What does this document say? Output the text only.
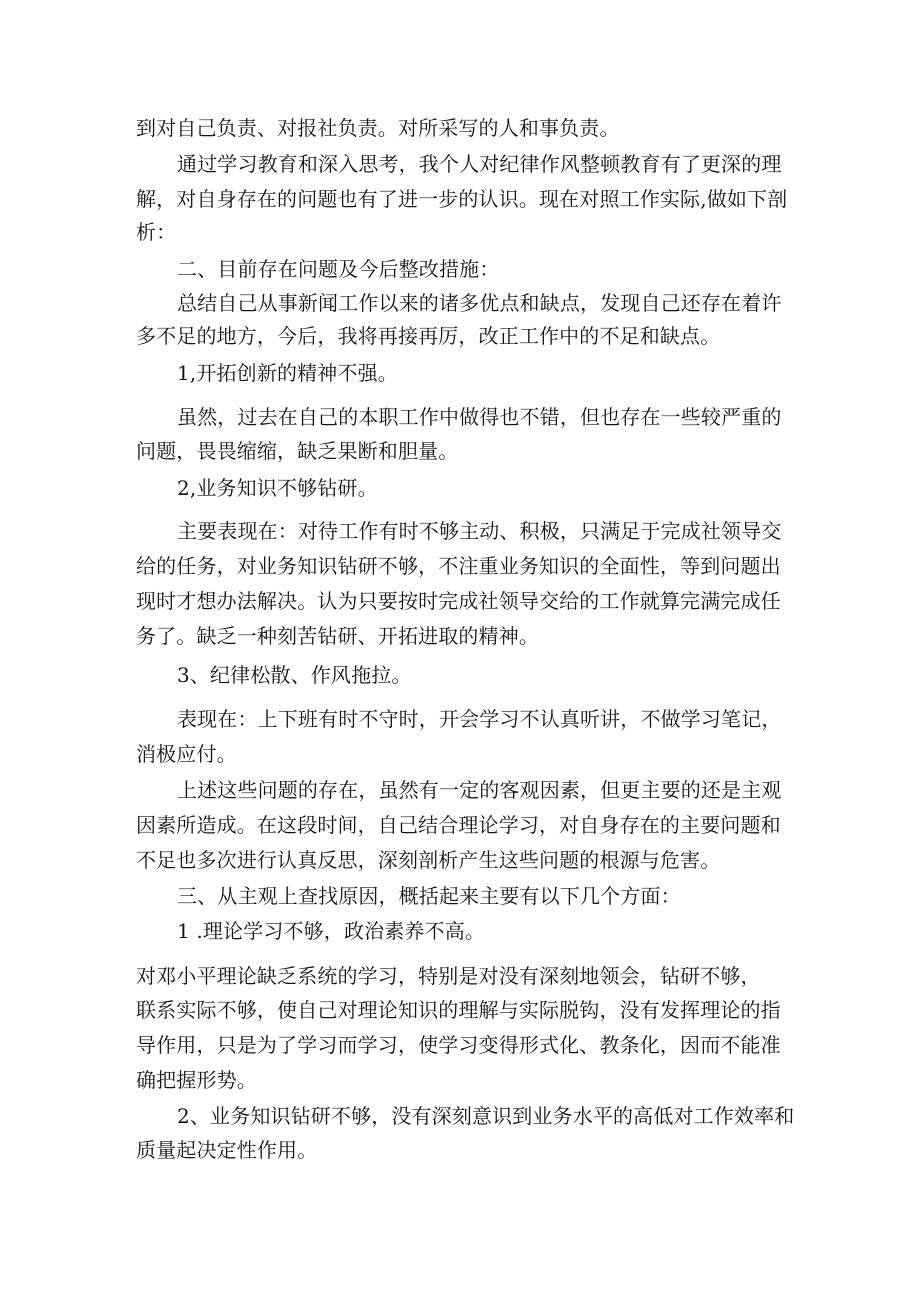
到对自己负责、对报社负责。对所采写的人和事负责。
通过学习教育和深入思考，我个人对纪律作风整顿教育有了更深的理
解，对自身存在的问题也有了进一步的认识。现在对照工作实际,做如下剖
析：
二、目前存在问题及今后整改措施：
总结自己从事新闻工作以来的诸多优点和缺点，发现自己还存在着许
多不足的地方，今后，我将再接再厉，改正工作中的不足和缺点。
1,开拓创新的精神不强。
虽然，过去在自己的本职工作中做得也不错，但也存在一些较严重的
问题，畏畏缩缩，缺乏果断和胆量。
2,业务知识不够钻研。
主要表现在：对待工作有时不够主动、积极，只满足于完成社领导交
给的任务，对业务知识钻研不够，不注重业务知识的全面性，等到问题出
现时才想办法解决。认为只要按时完成社领导交给的工作就算完满完成任
务了。缺乏一种刻苦钻研、开拓进取的精神。
3、纪律松散、作风拖拉。
表现在：上下班有时不守时，开会学习不认真听讲，不做学习笔记，
消极应付。
上述这些问题的存在，虽然有一定的客观因素，但更主要的还是主观
因素所造成。在这段时间，自己结合理论学习，对自身存在的主要问题和
不足也多次进行认真反思，深刻剖析产生这些问题的根源与危害。
三、从主观上查找原因，概括起来主要有以下几个方面：
1 .理论学习不够，政治素养不高。
对邓小平理论缺乏系统的学习，特别是对没有深刻地领会，钻研不够，
联系实际不够，使自己对理论知识的理解与实际脱钩，没有发挥理论的指
导作用，只是为了学习而学习，使学习变得形式化、教条化，因而不能准
确把握形势。
2、业务知识钻研不够，没有深刻意识到业务水平的高低对工作效率和
质量起决定性作用。
